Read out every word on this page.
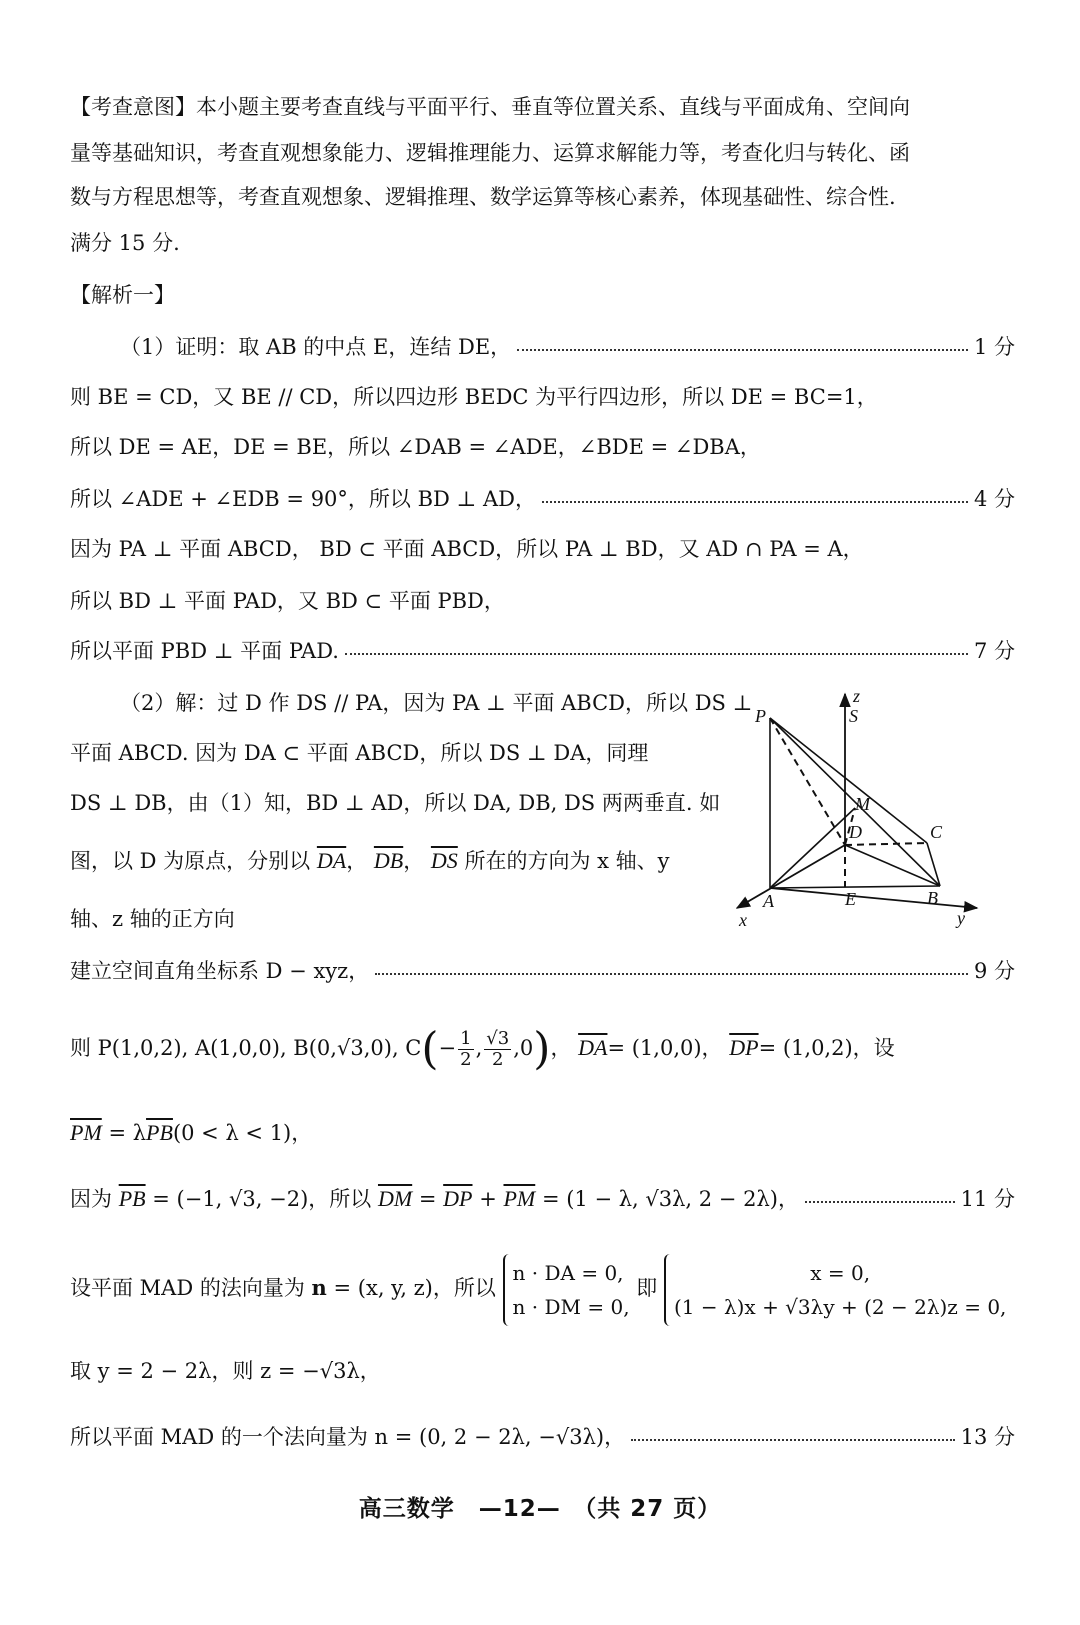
【考查意图】本小题主要考查直线与平面平行、垂直等位置关系、直线与平面成角、空间向
量等基础知识，考查直观想象能力、逻辑推理能力、运算求解能力等，考查化归与转化、函
数与方程思想等，考查直观想象、逻辑推理、数学运算等核心素养，体现基础性、综合性.
满分 15 分.
【解析一】
（1）证明：取 AB 的中点 E，连结 DE，	1 分
则 BE = CD，又 BE // CD，所以四边形 BEDC 为平行四边形，所以 DE = BC=1，
所以 DE = AE，DE = BE，所以 ∠DAB = ∠ADE，∠BDE = ∠DBA，
所以 ∠ADE + ∠EDB = 90°，所以 BD ⊥ AD，	4 分
因为 PA ⊥ 平面 ABCD， BD ⊂ 平面 ABCD，所以 PA ⊥ BD，又 AD ∩ PA = A，
所以 BD ⊥ 平面 PAD，又 BD ⊂ 平面 PBD，
所以平面 PBD ⊥ 平面 PAD.	7 分
（2）解：过 D 作 DS // PA，因为 PA ⊥ 平面 ABCD，所以 DS ⊥
平面 ABCD. 因为 DA ⊂ 平面 ABCD，所以 DS ⊥ DA，同理
DS ⊥ DB，由（1）知，BD ⊥ AD，所以 DA, DB, DS 两两垂直. 如
图，以 D 为原点，分别以 $\overline{DA}$， $\overline{DB}$， $\overline{DS}$ 所在的方向为 x 轴、y
轴、z 轴的正方向
建立空间直角坐标系 D − xyz，	9 分
则 P(1,0,2), A(1,0,0), B(0,√3,0), $C(- \frac{1}{2}$ , $\frac{√3}{2} ,0$)， $\overline{DA}= (1,0,0)$， $\overline{DP}= (1,0,2)$，设
$\overline{PM} = \lambda\overline{PB}(0 < \lambda < 1)$，
因为 $\overline{PB} = (-1$, √3, −2)，所以 $\overline{DM} = \overline{DP} + \overline{PM} = (1 - \lambda$, √3λ, 2 − 2λ)，	11 分
设平面 MAD 的法向量为 n = (x, y, z)，所以
n · DA = 0,
n · DM = 0,
即
x = 0,
(1 − λ)x + √3λy + (2 − 2λ)z = 0,
取 y = 2 − 2λ，则 z = −√3λ，
所以平面 MAD 的一个法向量为 n = (0, 2 − 2λ, −√3λ)，	13 分
P	S
z
M
D	C
A	E	B
x	y
高三数学　—12—　（共 27 页）
